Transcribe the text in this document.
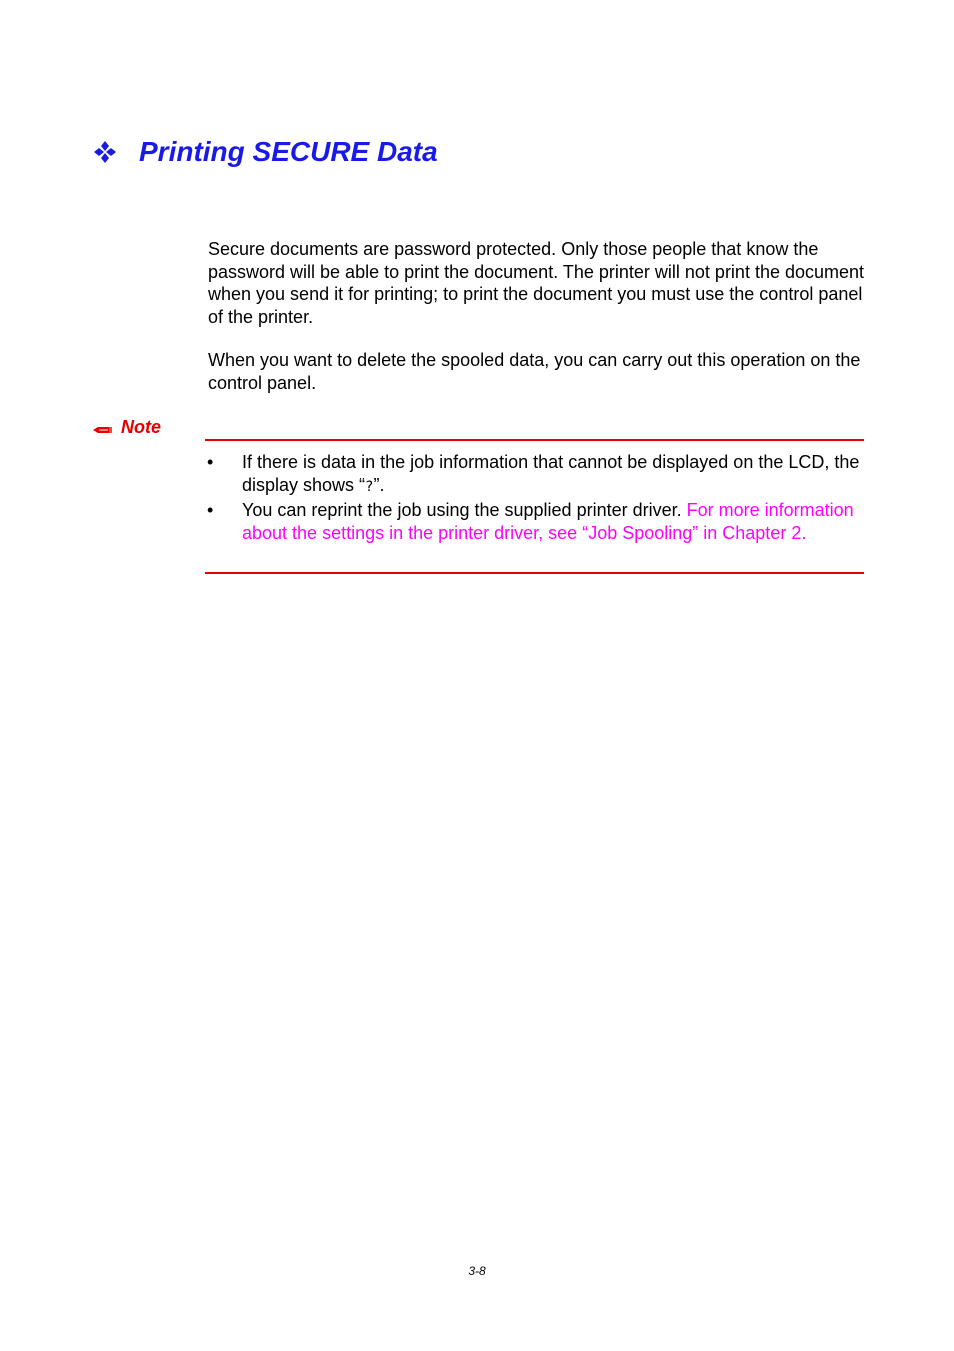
Printing SECURE Data

Secure documents are password protected. Only those people that know the password will be able to print the document. The printer will not print the document when you send it for printing; to print the document you must use the control panel of the printer.

When you want to delete the spooled data, you can carry out this operation on the control panel.

Note
•	If there is data in the job information that cannot be displayed on the LCD, the display shows “?”.
•	You can reprint the job using the supplied printer driver. For more information about the settings in the printer driver, see “Job Spooling” in Chapter 2.
3-8
